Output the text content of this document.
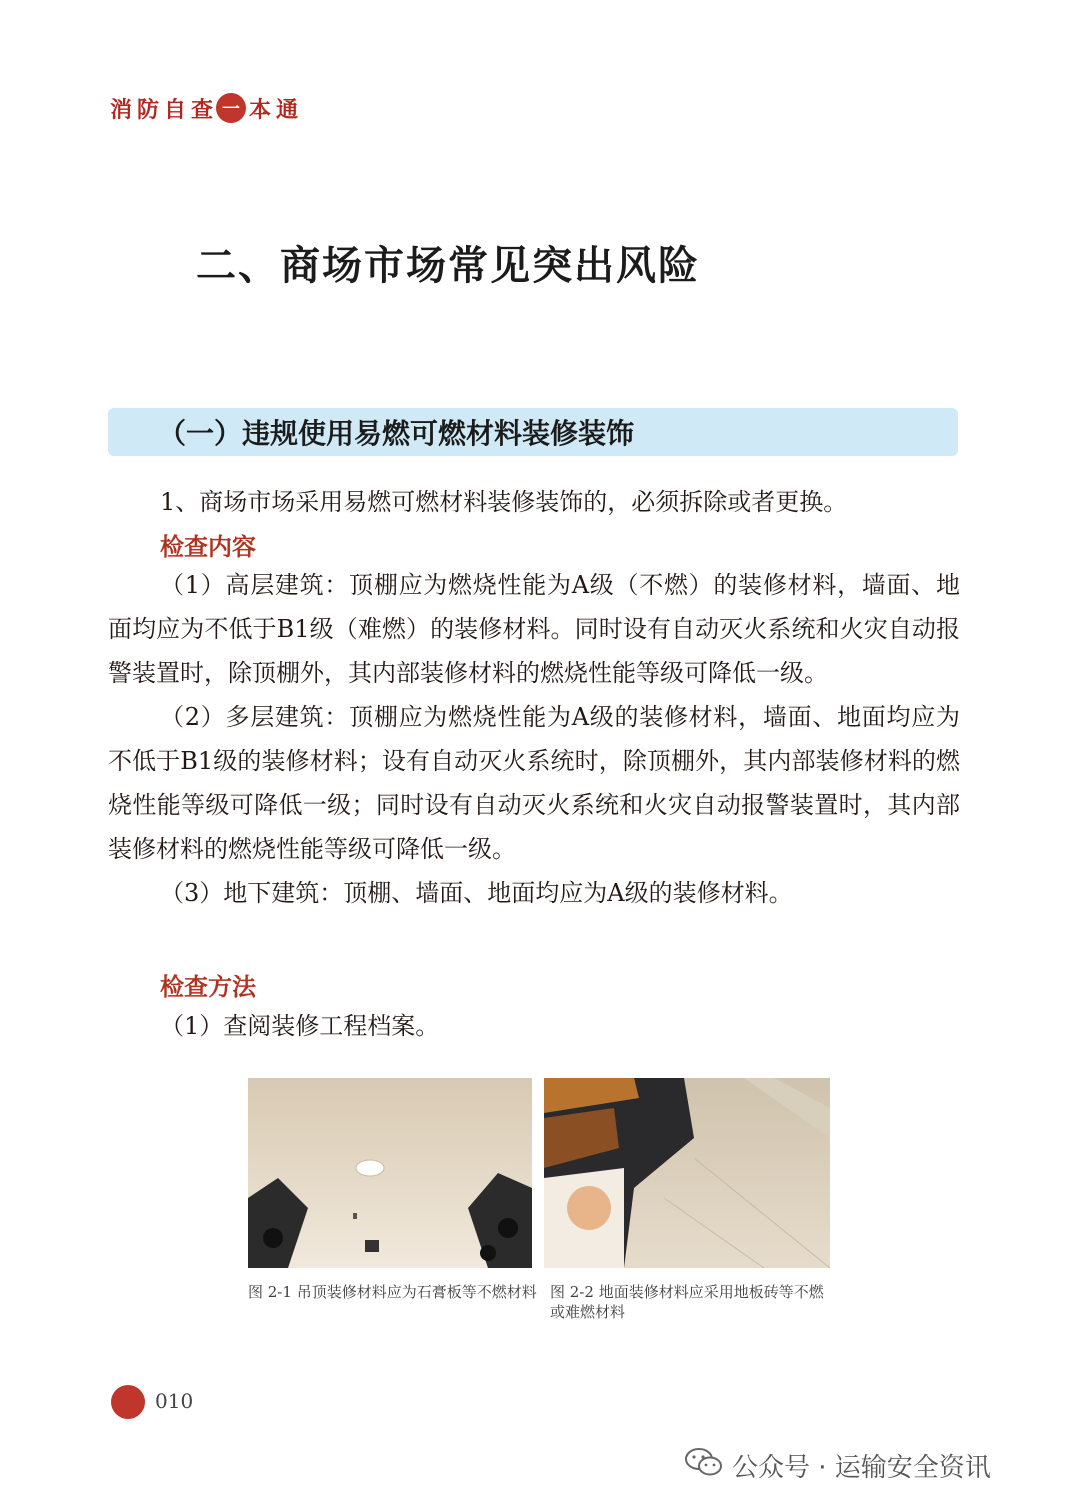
消 防 自 查 一 本 通
二、商场市场常见突出风险
（一）违规使用易燃可燃材料装修装饰

1、商场市场采用易燃可燃材料装修装饰的，必须拆除或者更换。

检查内容

（1）高层建筑：顶棚应为燃烧性能为A级（不燃）的装修材料，墙面、地面均应为不低于B1级（难燃）的装修材料。同时设有自动灭火系统和火灾自动报警装置时，除顶棚外，其内部装修材料的燃烧性能等级可降低一级。

（2）多层建筑：顶棚应为燃烧性能为A级的装修材料，墙面、地面均应为不低于B1级的装修材料；设有自动灭火系统时，除顶棚外，其内部装修材料的燃烧性能等级可降低一级；同时设有自动灭火系统和火灾自动报警装置时，其内部装修材料的燃烧性能等级可降低一级。

（3）地下建筑：顶棚、墙面、地面均应为A级的装修材料。

检查方法

（1）查阅装修工程档案。

图 2-1 吊顶装修材料应为石膏板等不燃材料 图 2-2 地面装修材料应采用地板砖等不燃或难燃材料
010
公众号 · 运输安全资讯
